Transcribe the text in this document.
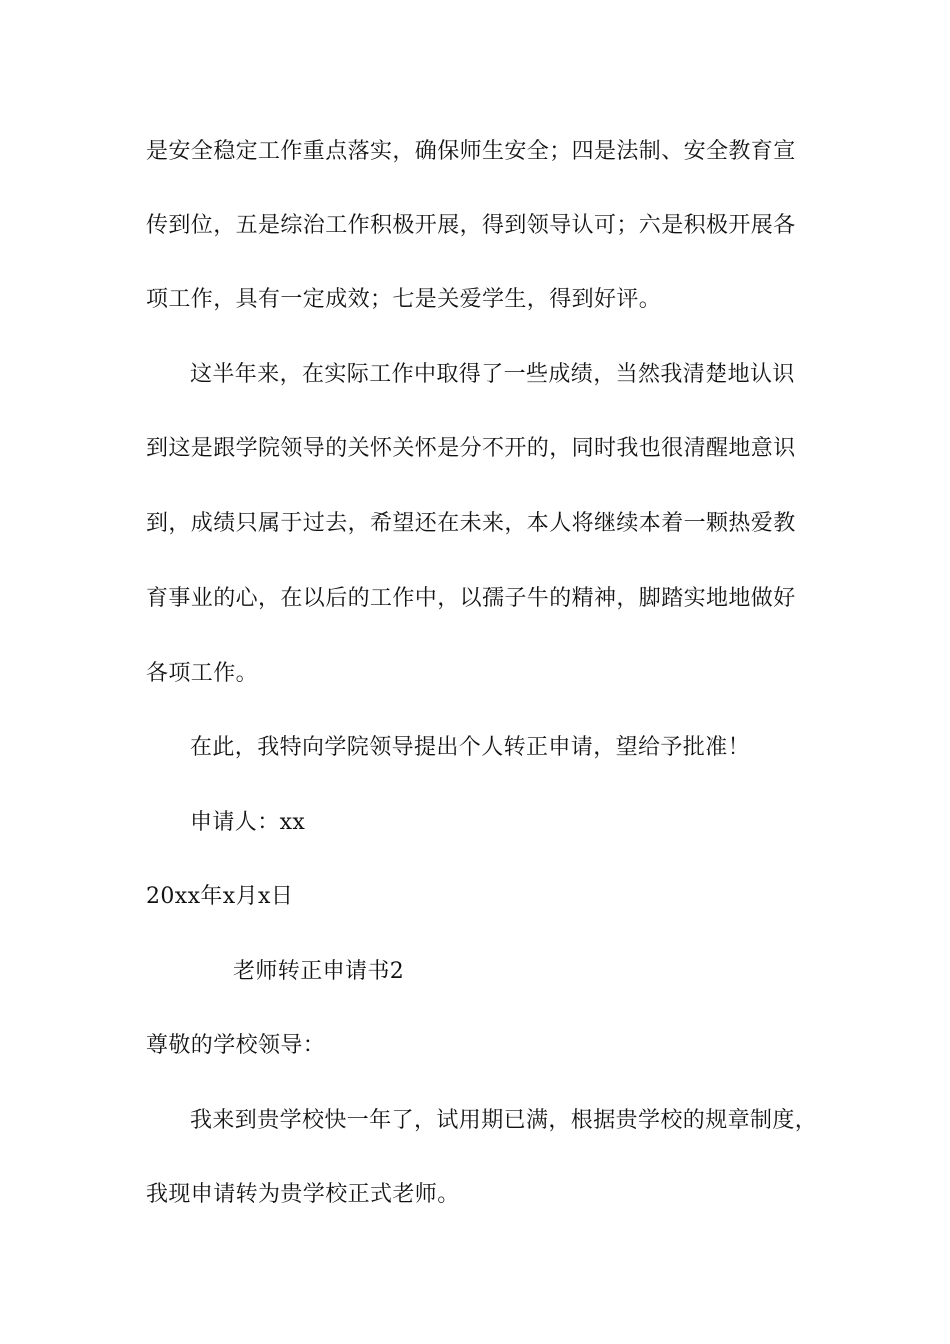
是安全稳定工作重点落实，确保师生安全；四是法制、安全教育宣
传到位，五是综治工作积极开展，得到领导认可；六是积极开展各
项工作，具有一定成效；七是关爱学生，得到好评。
这半年来，在实际工作中取得了一些成绩，当然我清楚地认识
到这是跟学院领导的关怀关怀是分不开的，同时我也很清醒地意识
到，成绩只属于过去，希望还在未来，本人将继续本着一颗热爱教
育事业的心，在以后的工作中，以孺子牛的精神，脚踏实地地做好
各项工作。
在此，我特向学院领导提出个人转正申请，望给予批准！
申请人：xx
20xx年x月x日
老师转正申请书2
尊敬的学校领导：
我来到贵学校快一年了，试用期已满，根据贵学校的规章制度，
我现申请转为贵学校正式老师。
